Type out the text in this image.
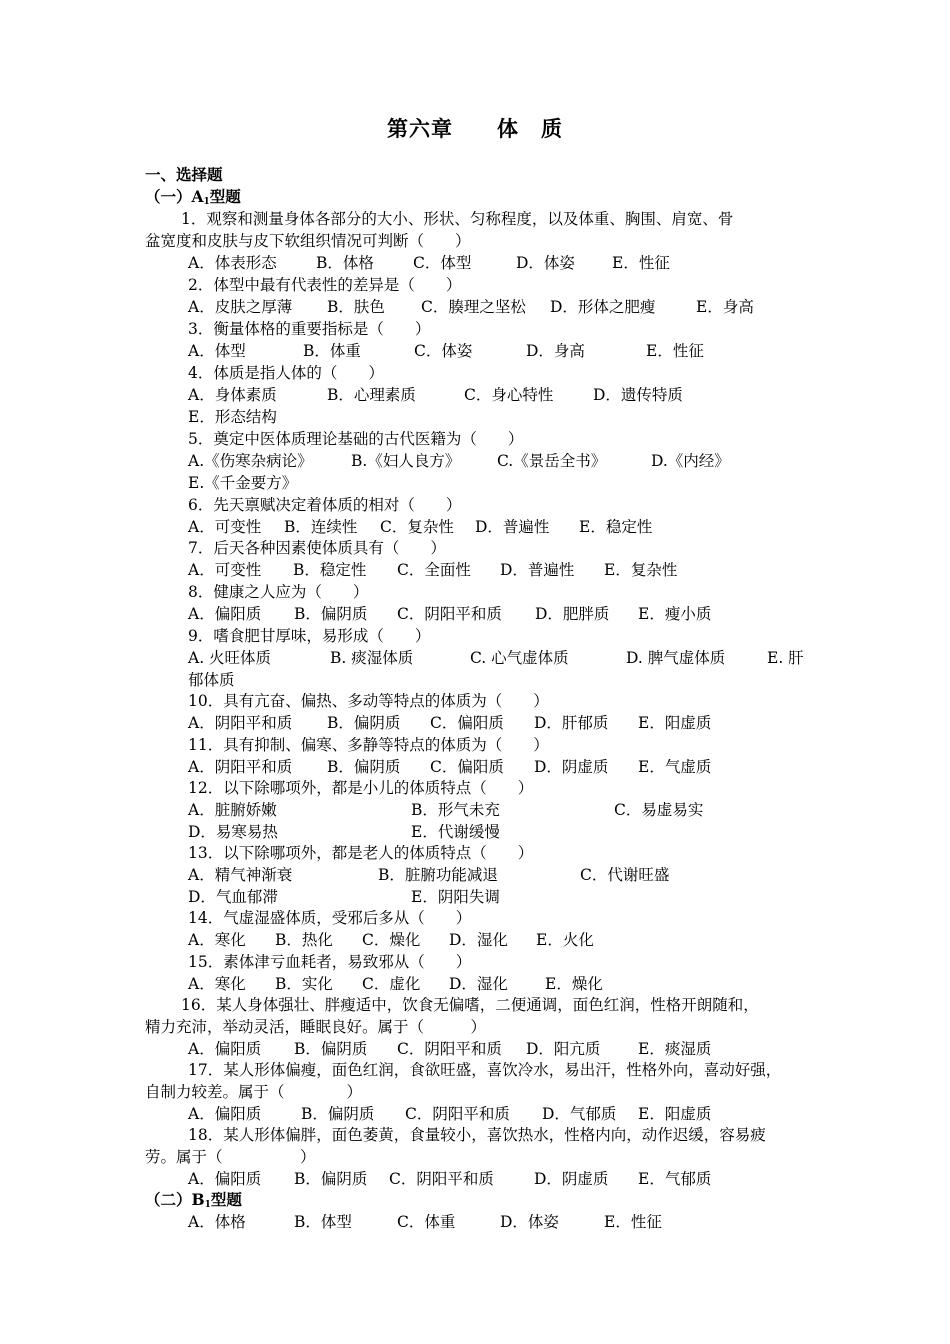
第六章　　体　质
一、选择题
（一）$A_1$型题
1．观察和测量身体各部分的大小、形状、匀称程度，以及体重、胸围、肩宽、骨
盆宽度和皮肤与皮下软组织情况可判断（　　）
A．体表形态	B．体格	C．体型	D．体姿 E．性征
2．体型中最有代表性的差异是（　　）
A．皮肤之厚薄 B．肤色 C．腠理之坚松 D．形体之肥瘦	E．身高
3．衡量体格的重要指标是（　　）
A．体型	B．体重	C．体姿	D．身高	E．性征
4．体质是指人体的（　　）
A．身体素质	B．心理素质	C．身心特性	D．遗传特质
E．形态结构
5．奠定中医体质理论基础的古代医籍为（　　）
A.《伤寒杂病论》 B.《妇人良方》 C.《景岳全书》	D.《内经》
E.《千金要方》
6．先天禀赋决定着体质的相对（　　）
A．可变性 B．连续性 C．复杂性 D．普遍性 E．稳定性
7．后天各种因素使体质具有（　　）
A．可变性 B．稳定性 C．全面性 D．普遍性 E．复杂性
8．健康之人应为（　　）
A．偏阳质 B．偏阴质 C．阴阳平和质 D．肥胖质 E．瘦小质
9．嗜食肥甘厚味，易形成（　　）
A. 火旺体质	B. 痰湿体质	C. 心气虚体质	D. 脾气虚体质	E. 肝
郁体质
10．具有亢奋、偏热、多动等特点的体质为（　　）
A．阴阳平和质 B．偏阴质 C．偏阳质 D．肝郁质 E．阳虚质
11．具有抑制、偏寒、多静等特点的体质为（　　）
A．阴阳平和质 B．偏阴质 C．偏阳质 D．阴虚质 E．气虚质
12．以下除哪项外，都是小儿的体质特点（　　）
A．脏腑娇嫩	B．形气未充	C．易虚易实
D．易寒易热	E．代谢缓慢
13．以下除哪项外，都是老人的体质特点（　　）
A．精气神渐衰	B．脏腑功能减退	C．代谢旺盛
D．气血郁滞	E．阴阳失调
14．气虚湿盛体质，受邪后多从（　　）
A．寒化 B．热化 C．燥化 D．湿化 E．火化
15．素体津亏血耗者，易致邪从（　　）
A．寒化 B．实化 C．虚化 D．湿化 E．燥化
16．某人身体强壮、胖瘦适中，饮食无偏嗜，二便通调，面色红润，性格开朗随和，
精力充沛，举动灵活，睡眠良好。属于（　　　）
A．偏阳质 B．偏阴质 C．阴阳平和质 D．阳亢质 E．痰湿质
17．某人形体偏瘦，面色红润，食欲旺盛，喜饮冷水，易出汗，性格外向，喜动好强，
自制力较差。属于（　　　　）
A．偏阳质	B．偏阴质 C．阴阳平和质 D．气郁质 E．阳虚质
18．某人形体偏胖，面色萎黄，食量较小，喜饮热水，性格内向，动作迟缓，容易疲
劳。属于（　　　　　）
A．偏阳质 B．偏阴质 C．阴阳平和质	D．阴虚质 E．气郁质
（二）$B_1$型题
A．体格	B．体型	C．体重	D．体姿	E．性征
